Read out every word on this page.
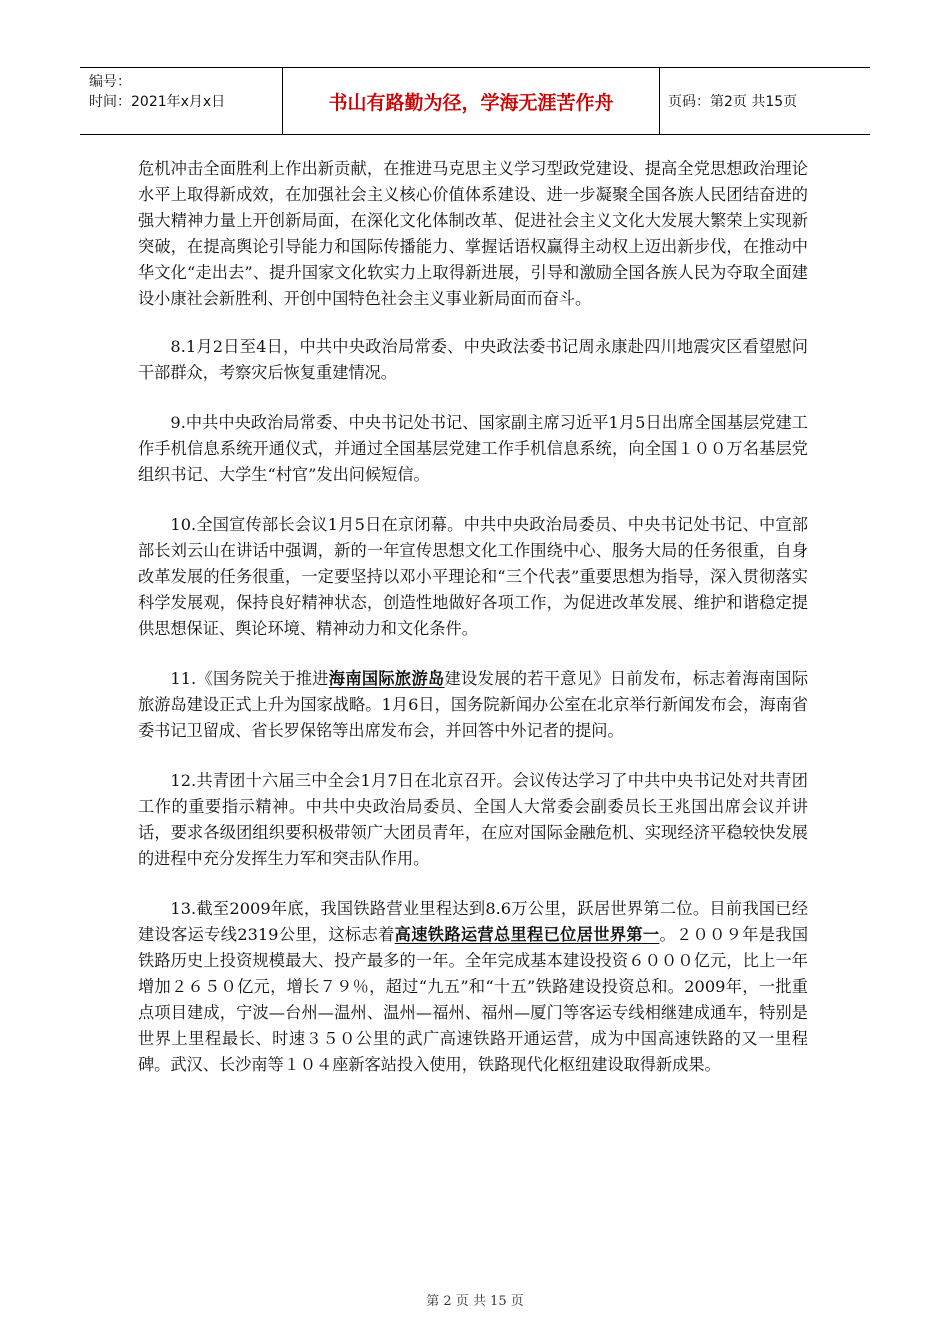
编号：
时间：2021年x月x日	书山有路勤为径，学海无涯苦作舟	页码：第2页 共15页

危机冲击全面胜利上作出新贡献，在推进马克思主义学习型政党建设、提高全党思想政治理论水平上取得新成效，在加强社会主义核心价值体系建设、进一步凝聚全国各族人民团结奋进的强大精神力量上开创新局面，在深化文化体制改革、促进社会主义文化大发展大繁荣上实现新突破，在提高舆论引导能力和国际传播能力、掌握话语权赢得主动权上迈出新步伐，在推动中华文化“走出去”、提升国家文化软实力上取得新进展，引导和激励全国各族人民为夺取全面建设小康社会新胜利、开创中国特色社会主义事业新局面而奋斗。

8.1月2日至4日，中共中央政治局常委、中央政法委书记周永康赴四川地震灾区看望慰问干部群众，考察灾后恢复重建情况。

9.中共中央政治局常委、中央书记处书记、国家副主席习近平1月5日出席全国基层党建工作手机信息系统开通仪式，并通过全国基层党建工作手机信息系统，向全国１００万名基层党组织书记、大学生“村官”发出问候短信。

10.全国宣传部长会议1月5日在京闭幕。中共中央政治局委员、中央书记处书记、中宣部部长刘云山在讲话中强调，新的一年宣传思想文化工作围绕中心、服务大局的任务很重，自身改革发展的任务很重，一定要坚持以邓小平理论和“三个代表”重要思想为指导，深入贯彻落实科学发展观，保持良好精神状态，创造性地做好各项工作，为促进改革发展、维护和谐稳定提供思想保证、舆论环境、精神动力和文化条件。

11.《国务院关于推进海南国际旅游岛建设发展的若干意见》日前发布，标志着海南国际旅游岛建设正式上升为国家战略。1月6日，国务院新闻办公室在北京举行新闻发布会，海南省委书记卫留成、省长罗保铭等出席发布会，并回答中外记者的提问。

12.共青团十六届三中全会1月7日在北京召开。会议传达学习了中共中央书记处对共青团工作的重要指示精神。中共中央政治局委员、全国人大常委会副委员长王兆国出席会议并讲话，要求各级团组织要积极带领广大团员青年，在应对国际金融危机、实现经济平稳较快发展的进程中充分发挥生力军和突击队作用。

13.截至2009年底，我国铁路营业里程达到8.6万公里，跃居世界第二位。目前我国已经建设客运专线2319公里，这标志着高速铁路运营总里程已位居世界第一。２００９年是我国铁路历史上投资规模最大、投产最多的一年。全年完成基本建设投资６０００亿元，比上一年增加２６５０亿元，增长７９％，超过“九五”和“十五”铁路建设投资总和。2009年，一批重点项目建成，宁波—台州—温州、温州—福州、福州—厦门等客运专线相继建成通车，特别是世界上里程最长、时速３５０公里的武广高速铁路开通运营，成为中国高速铁路的又一里程碑。武汉、长沙南等１０４座新客站投入使用，铁路现代化枢纽建设取得新成果。

第 2 页 共 15 页
